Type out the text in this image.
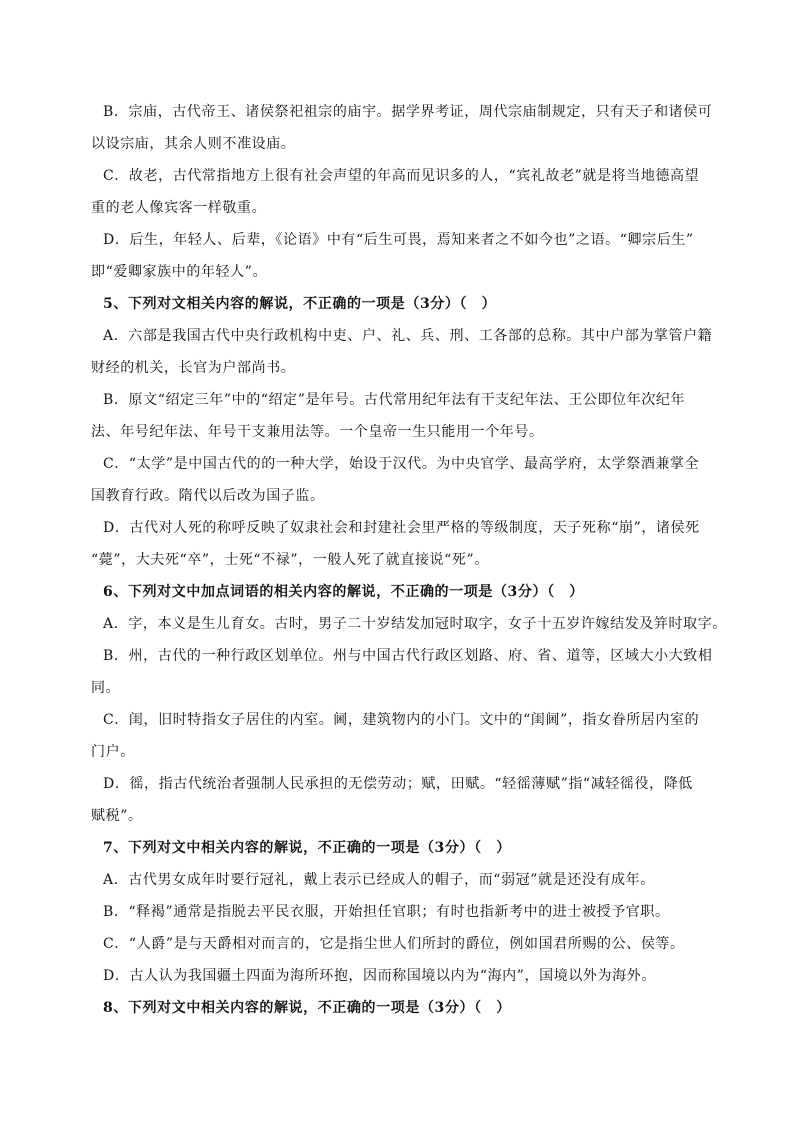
B．宗庙，古代帝王、诸侯祭祀祖宗的庙宇。据学界考证，周代宗庙制规定，只有天子和诸侯可
以设宗庙，其余人则不准设庙。
C．故老，古代常指地方上很有社会声望的年高而见识多的人，“宾礼故老”就是将当地德高望
重的老人像宾客一样敬重。
D．后生，年轻人、后辈，《论语》中有“后生可畏，焉知来者之不如今也”之语。“卿宗后生”
即“爱卿家族中的年轻人”。
5、下列对文相关内容的解说，不正确的一项是（3分）（　）
A．六部是我国古代中央行政机构中吏、户、礼、兵、刑、工各部的总称。其中户部为掌管户籍
财经的机关，长官为户部尚书。
B．原文“绍定三年”中的“绍定”是年号。古代常用纪年法有干支纪年法、王公即位年次纪年
法、年号纪年法、年号干支兼用法等。一个皇帝一生只能用一个年号。
C．“太学”是中国古代的的一种大学，始设于汉代。为中央官学、最高学府，太学祭酒兼掌全
国教育行政。隋代以后改为国子监。
D．古代对人死的称呼反映了奴隶社会和封建社会里严格的等级制度，天子死称“崩”，诸侯死
“薨”，大夫死“卒”，士死“不禄”，一般人死了就直接说“死”。
6、下列对文中加点词语的相关内容的解说，不正确的一项是（3分）（　）
A．字，本义是生儿育女。古时，男子二十岁结发加冠时取字，女子十五岁许嫁结发及笄时取字。
B．州，古代的一种行政区划单位。州与中国古代行政区划路、府、省、道等，区域大小大致相
同。
C．闺，旧时特指女子居住的内室。阃，建筑物内的小门。文中的“闺阃”，指女眷所居内室的
门户。
D．徭，指古代统治者强制人民承担的无偿劳动；赋，田赋。“轻徭薄赋”指“减轻徭役，降低
赋税”。
7、下列对文中相关内容的解说，不正确的一项是（3分）（　）
A．古代男女成年时要行冠礼，戴上表示已经成人的帽子，而“弱冠”就是还没有成年。
B．“释褐”通常是指脱去平民衣服，开始担任官职；有时也指新考中的进士被授予官职。
C．“人爵”是与天爵相对而言的，它是指尘世人们所封的爵位，例如国君所赐的公、侯等。
D．古人认为我国疆土四面为海所环抱，因而称国境以内为“海内”，国境以外为海外。
8、下列对文中相关内容的解说，不正确的一项是（3分）（　）
